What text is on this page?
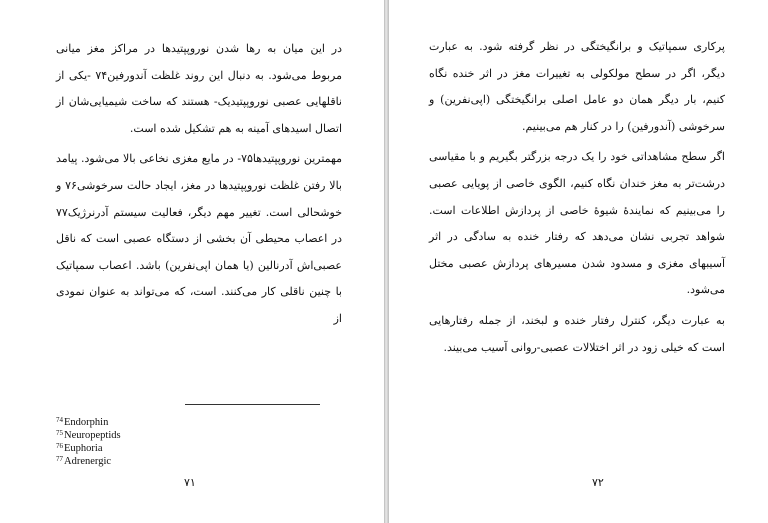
در این میان به رها شدن نوروپپتیدها در مراکز مغز میانی مربوط می‌شود. به دنبال این روند غلظت آندورفین‌۷۴ -یکی از ناقلهایی عصبی نوروپپتیدیک- هستند که ساخت شیمیایی‌شان از اتصال اسیدهای آمینه به هم تشکیل شده است.

مهمترین نوروپپتیدها‌۷۵- در مایع مغزی نخاعی بالا می‌شود. پیامد بالا رفتن غلظت نوروپپتیدها در مغز، ایجاد حالت سرخوشی‌۷۶ و خوشحالی است. تغییر مهم دیگر، فعالیت سیستم آدرنرژیک‌۷۷ در اعصاب محیطی آن بخشی از دستگاه عصبی است که ناقل عصبی‌اش آدرنالین (یا همان اپی‌نفرین) باشد. اعصاب سمپاتیک با چنین ناقلی کار می‌کنند. است، که می‌تواند به عنوان نمودی از

$^{74}$Endorphin
$^{75}$Neuropeptids
$^{76}$Euphoria
$^{77}$Adrenergic
۷۱

پرکاری سمپاتیک و برانگیختگی در نظر گرفته شود. به عبارت دیگر، اگر در سطح مولکولی به تغییرات مغز در اثر خنده نگاه کنیم، بار دیگر همان دو عامل اصلی برانگیختگی (اپی‌نفرین) و سرخوشی (آندورفین) را در کنار هم می‌بینیم.

اگر سطح مشاهداتی خود را یک درجه بزرگتر بگیریم و با مقیاسی درشت‌تر به مغز خندان نگاه کنیم، الگوی خاصی از پویایی عصبی را می‌بینیم که نمایندهٔ شیوهٔ خاصی از پردازش اطلاعات است. شواهد تجربی نشان می‌دهد که رفتار خنده به سادگی در اثر آسیبهای مغزی و مسدود شدن مسیرهای پردازش عصبی مختل می‌شود.

به عبارت دیگر، کنترل رفتار خنده و لبخند، از جمله رفتارهایی است که خیلی زود در اثر اختلالات عصبی-روانی آسیب می‌بیند.

۷۲
